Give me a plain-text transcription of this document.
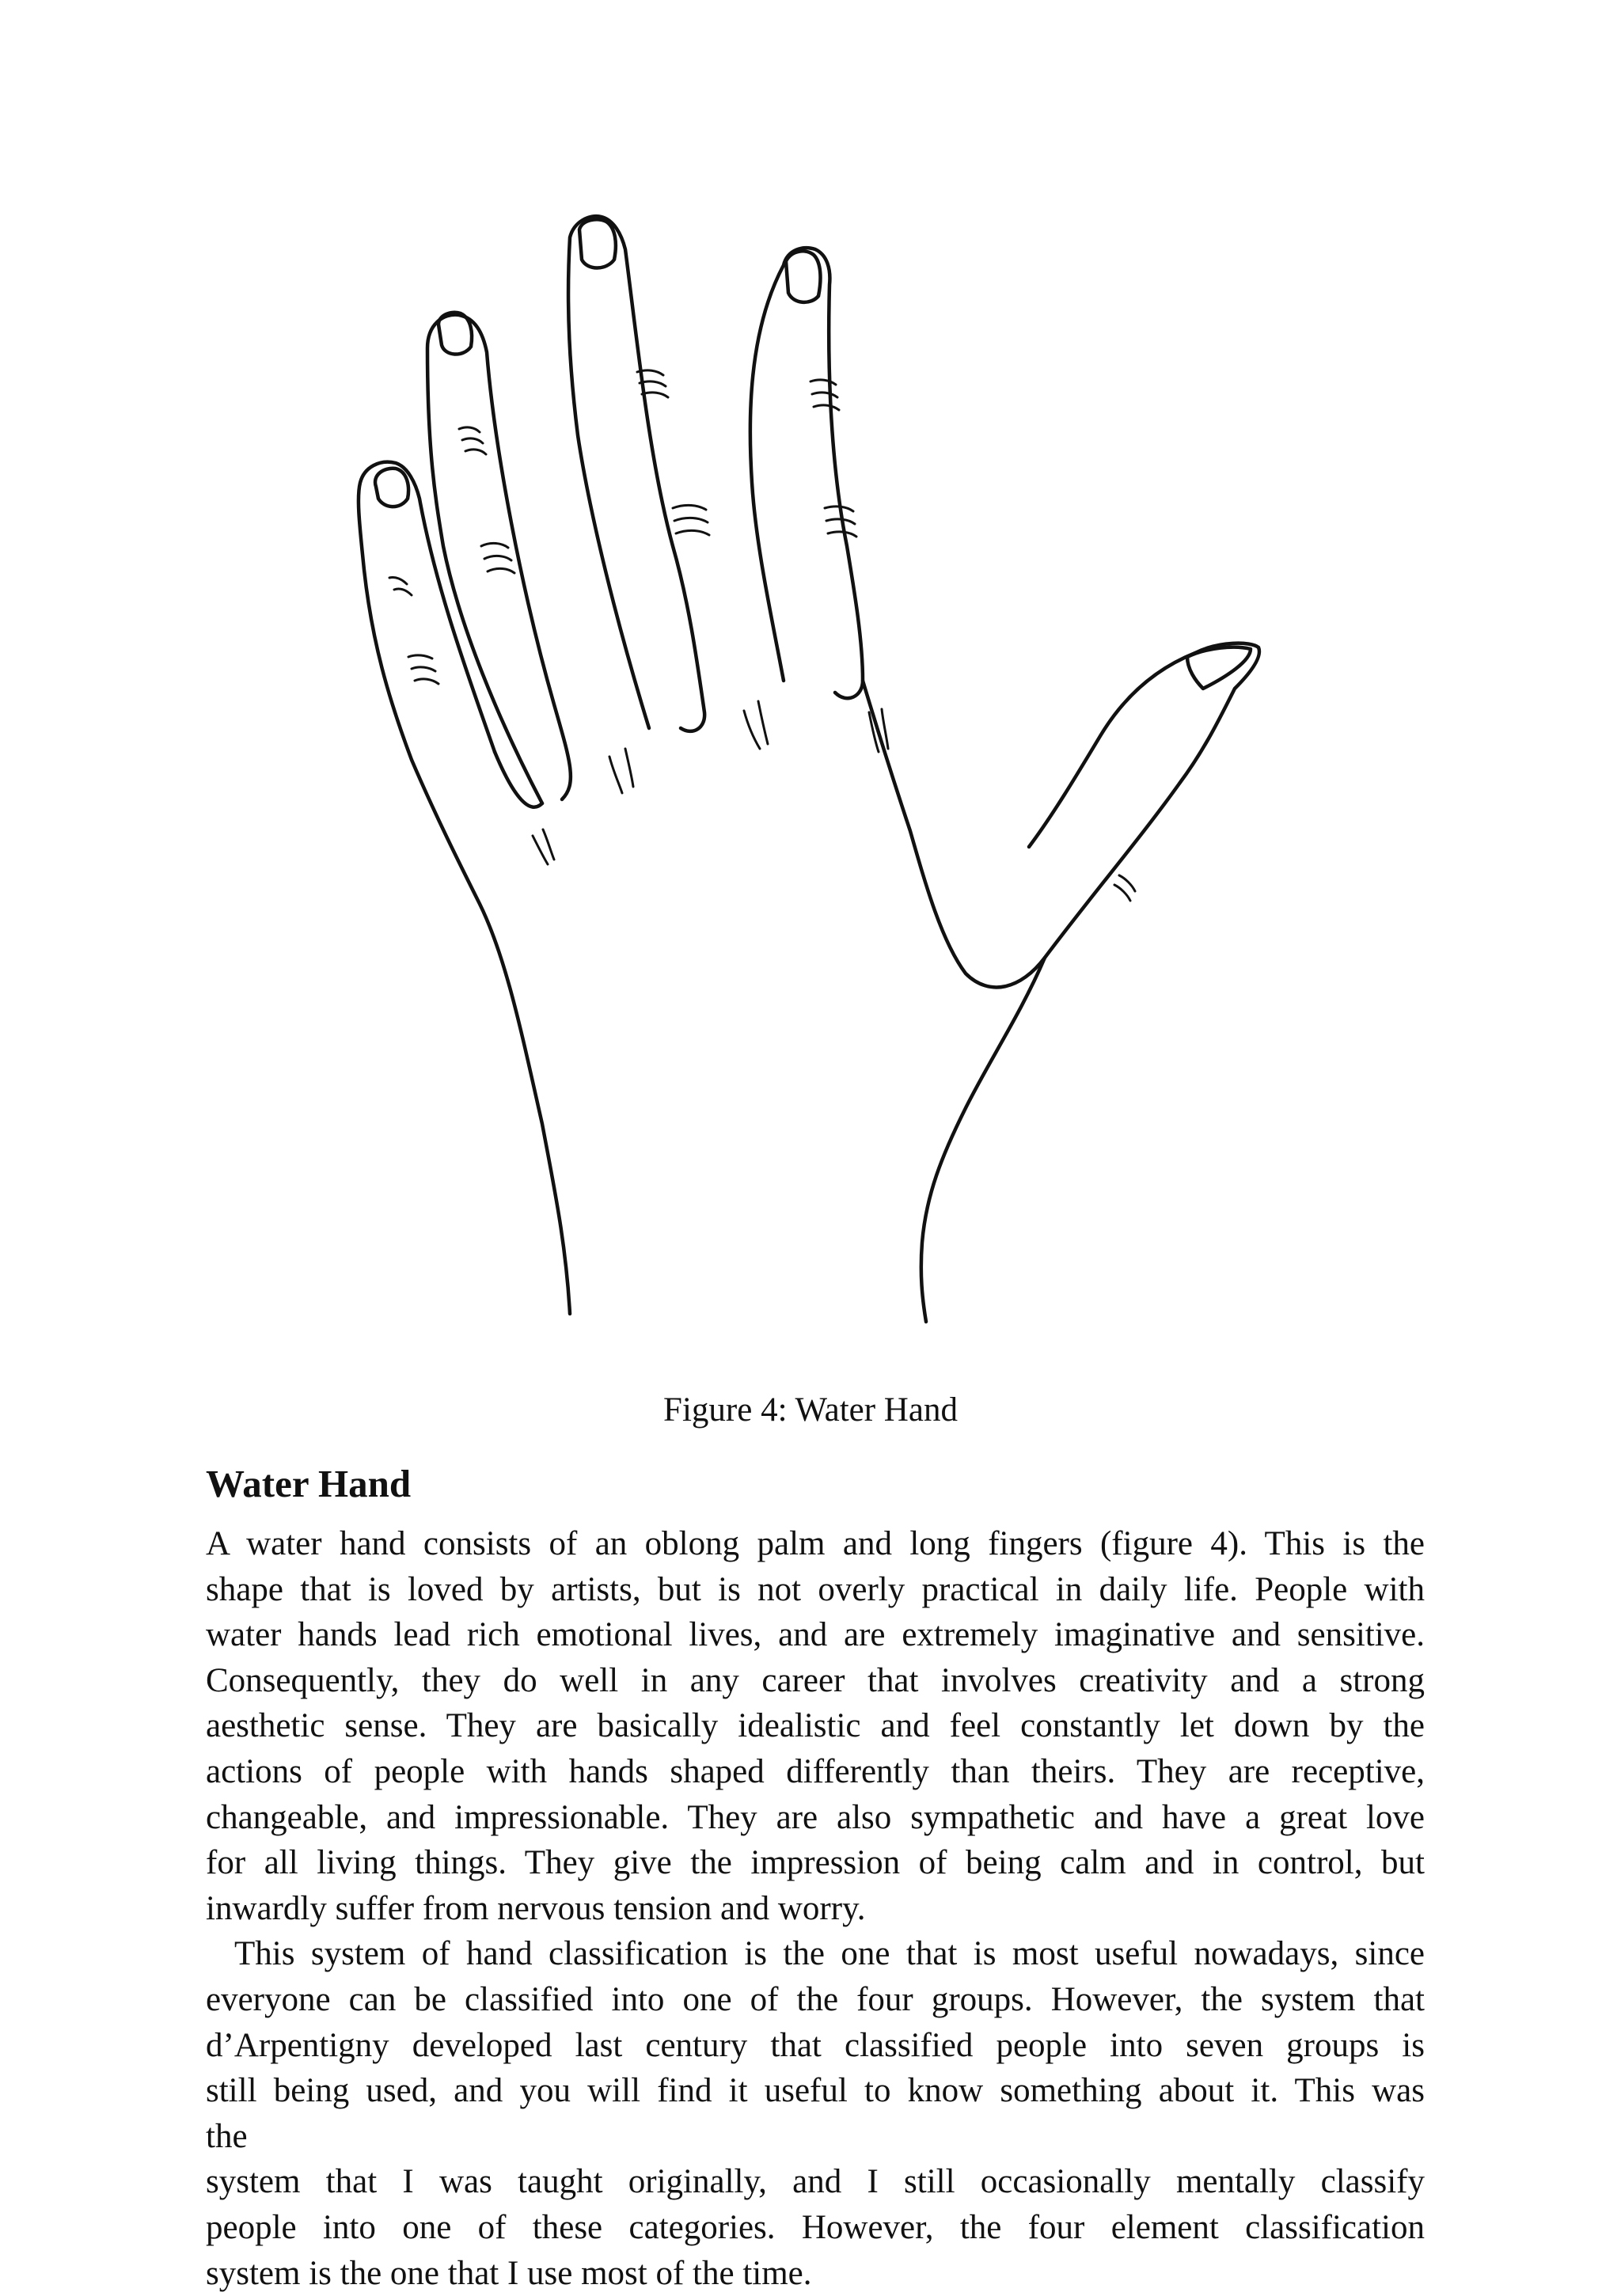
Figure 4: Water Hand
Water Hand
A water hand consists of an oblong palm and long fingers (figure 4). This is the
shape that is loved by artists, but is not overly practical in daily life. People with
water hands lead rich emotional lives, and are extremely imaginative and sensitive.
Consequently, they do well in any career that involves creativity and a strong
aesthetic sense. They are basically idealistic and feel constantly let down by the
actions of people with hands shaped differently than theirs. They are receptive,
changeable, and impressionable. They are also sympathetic and have a great love
for all living things. They give the impression of being calm and in control, but
inwardly suffer from nervous tension and worry.
This system of hand classification is the one that is most useful nowadays, since
everyone can be classified into one of the four groups. However, the system that
d’Arpentigny developed last century that classified people into seven groups is
still being used, and you will find it useful to know something about it. This was
the
system that I was taught originally, and I still occasionally mentally classify
people into one of these categories. However, the four element classification
system is the one that I use most of the time.
